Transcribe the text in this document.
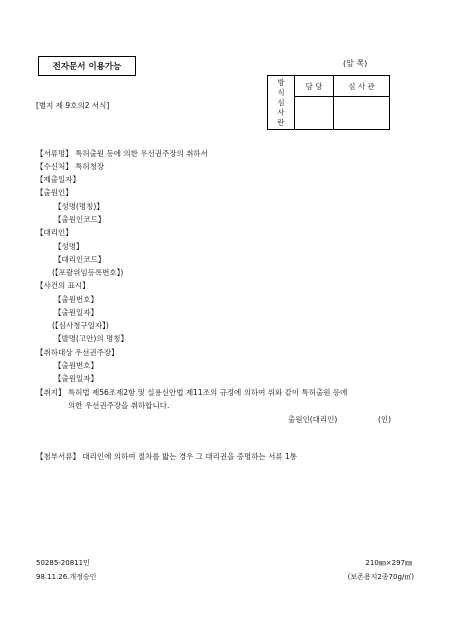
전자문서 이용가능	(앞 쪽)
[별지 제 9호의2 서식]
방
식
심
사
란	담 당	심 사 관

【서류명】 특허출원 등에 의한 우선권주장의 취하서
【수신처】 특허청장
【제출일자】
【출원인】
【성명(명칭)】
【출원인코드】
【대리인】
【성명】
【대리인코드】
(【포괄위임등록번호】)
【사건의 표시】
【출원번호】
【출원일자】
(【심사청구일자】)
【발명(고안)의 명칭】
【취하대상 우선권주장】
【출원번호】
【출원일자】
【취지】 특허법 제56조제2항 및 실용신안법 제11조의 규정에 의하여 위와 같이 특허출원 등에
의한 우선권주장을 취하합니다.
출원인(대리인)	(인)
【첨부서류】 대리인에 의하여 절차를 밟는 경우 그 대리권을 증명하는 서류 1통
50285-20811민
98.11.26.개정승인
210㎜×297㎜
(보존용지2종70g/㎡)
